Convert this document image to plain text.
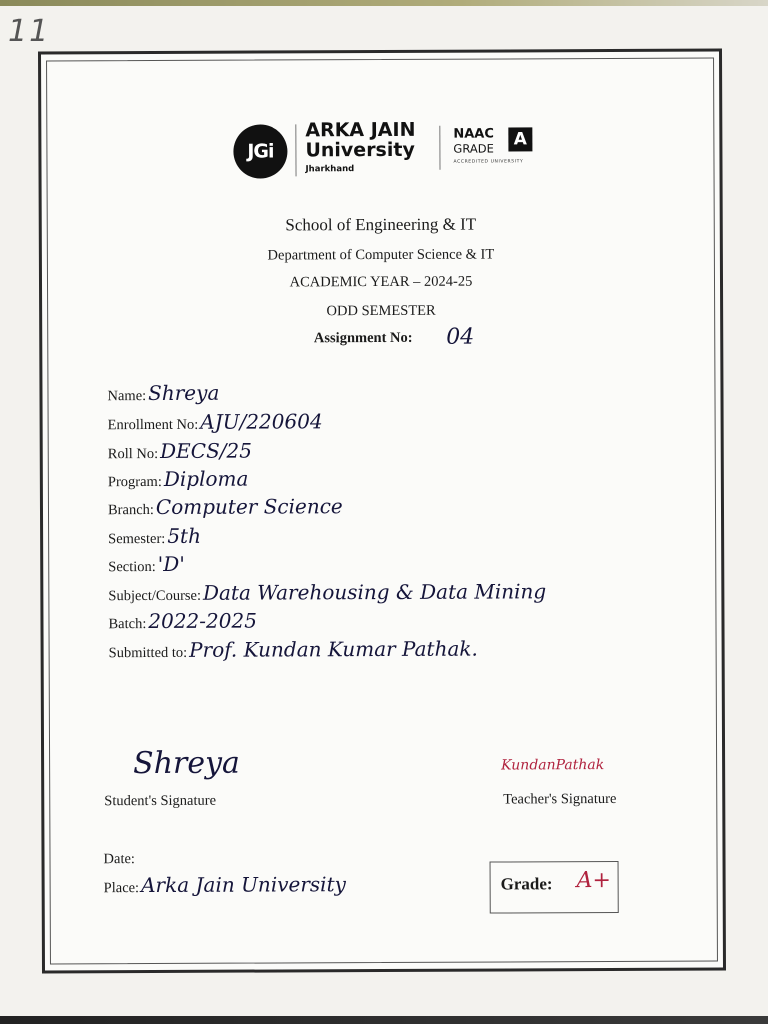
11
JGi
ARKA JAIN
University
Jharkhand
NAAC
GRADE	A
ACCREDITED UNIVERSITY
School of Engineering & IT
Department of Computer Science & IT
ACADEMIC YEAR – 2024-25
ODD SEMESTER
Assignment No:	04
Name:Shreya
Enrollment No:AJU/220604
Roll No:DECS/25
Program:Diploma
Branch:Computer Science
Semester:5th
Section:'D'
Subject/Course:Data Warehousing & Data Mining
Batch:2022-2025
Submitted to:Prof. Kundan Kumar Pathak.
Shreya
Student's Signature
KundanPathak
Teacher's Signature
Date:
Place:Arka Jain University	Grade: A+
